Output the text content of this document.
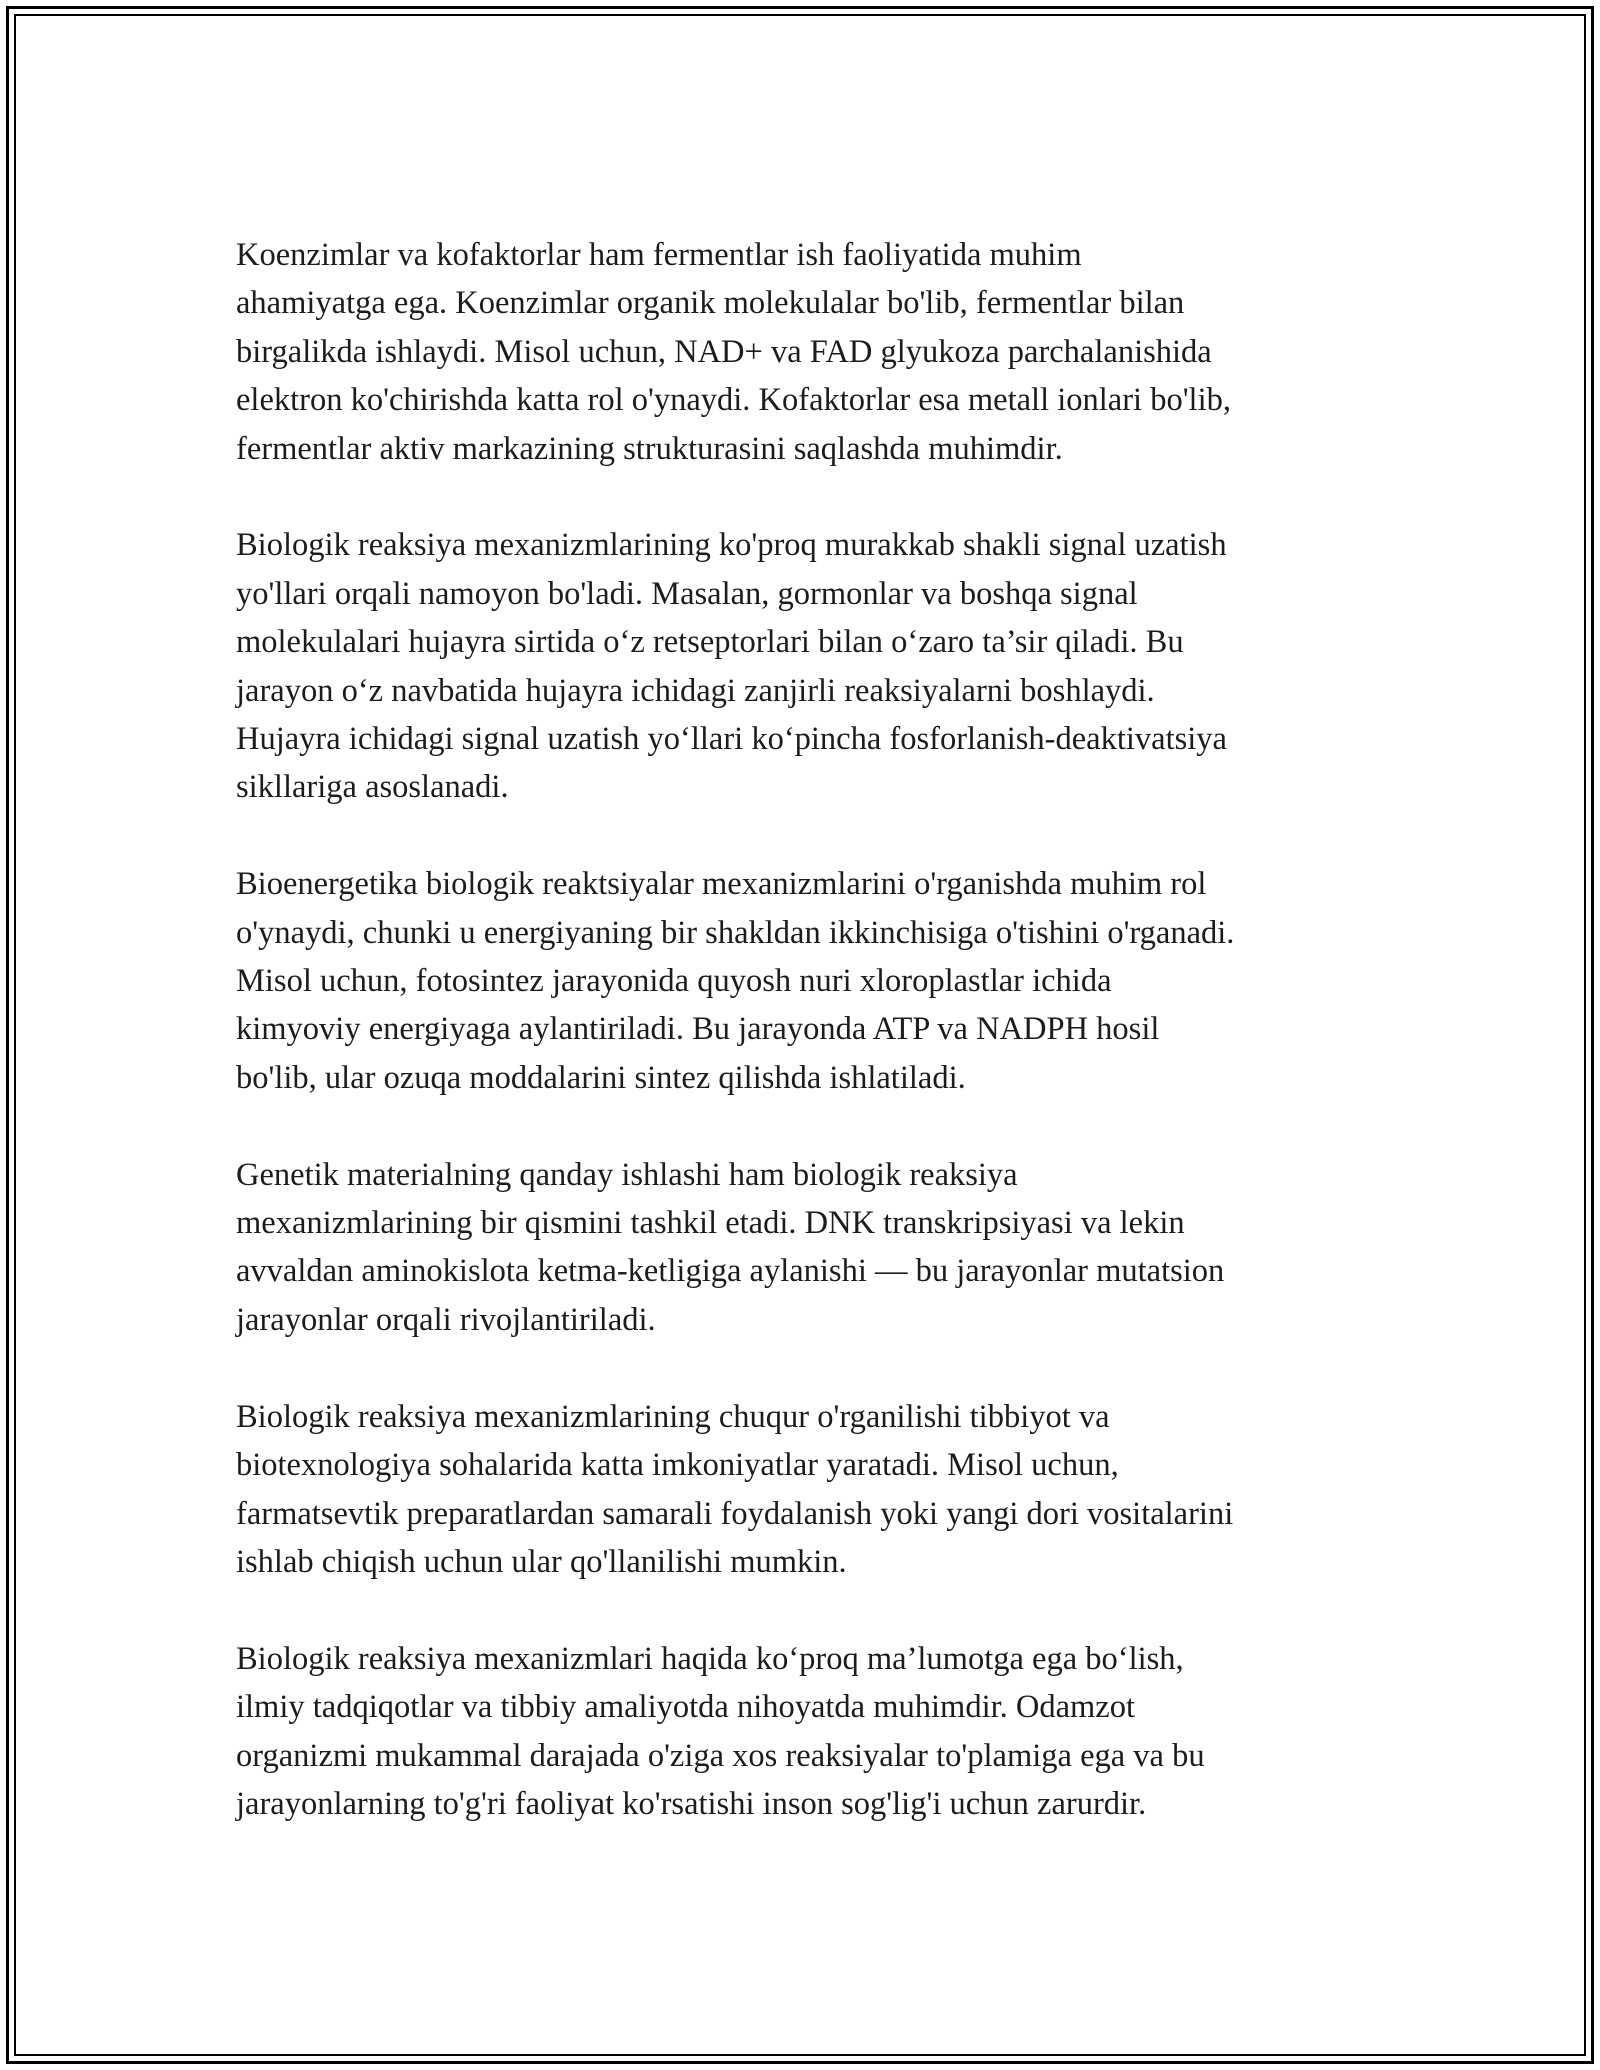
Koenzimlar va kofaktorlar ham fermentlar ish faoliyatida muhim
ahamiyatga ega. Koenzimlar organik molekulalar bo'lib, fermentlar bilan
birgalikda ishlaydi. Misol uchun, NAD+ va FAD glyukoza parchalanishida
elektron ko'chirishda katta rol o'ynaydi. Kofaktorlar esa metall ionlari bo'lib,
fermentlar aktiv markazining strukturasini saqlashda muhimdir.

Biologik reaksiya mexanizmlarining ko'proq murakkab shakli signal uzatish
yo'llari orqali namoyon bo'ladi. Masalan, gormonlar va boshqa signal
molekulalari hujayra sirtida o‘z retseptorlari bilan o‘zaro ta’sir qiladi. Bu
jarayon o‘z navbatida hujayra ichidagi zanjirli reaksiyalarni boshlaydi.
Hujayra ichidagi signal uzatish yo‘llari ko‘pincha fosforlanish-deaktivatsiya
sikllariga asoslanadi.

Bioenergetika biologik reaktsiyalar mexanizmlarini o'rganishda muhim rol
o'ynaydi, chunki u energiyaning bir shakldan ikkinchisiga o'tishini o'rganadi.
Misol uchun, fotosintez jarayonida quyosh nuri xloroplastlar ichida
kimyoviy energiyaga aylantiriladi. Bu jarayonda ATP va NADPH hosil
bo'lib, ular ozuqa moddalarini sintez qilishda ishlatiladi.

Genetik materialning qanday ishlashi ham biologik reaksiya
mexanizmlarining bir qismini tashkil etadi. DNK transkripsiyasi va lekin
avvaldan aminokislota ketma-ketligiga aylanishi — bu jarayonlar mutatsion
jarayonlar orqali rivojlantiriladi.

Biologik reaksiya mexanizmlarining chuqur o'rganilishi tibbiyot va
biotexnologiya sohalarida katta imkoniyatlar yaratadi. Misol uchun,
farmatsevtik preparatlardan samarali foydalanish yoki yangi dori vositalarini
ishlab chiqish uchun ular qo'llanilishi mumkin.

Biologik reaksiya mexanizmlari haqida ko‘proq ma’lumotga ega bo‘lish,
ilmiy tadqiqotlar va tibbiy amaliyotda nihoyatda muhimdir. Odamzot
organizmi mukammal darajada o'ziga xos reaksiyalar to'plamiga ega va bu
jarayonlarning to'g'ri faoliyat ko'rsatishi inson sog'lig'i uchun zarurdir.
